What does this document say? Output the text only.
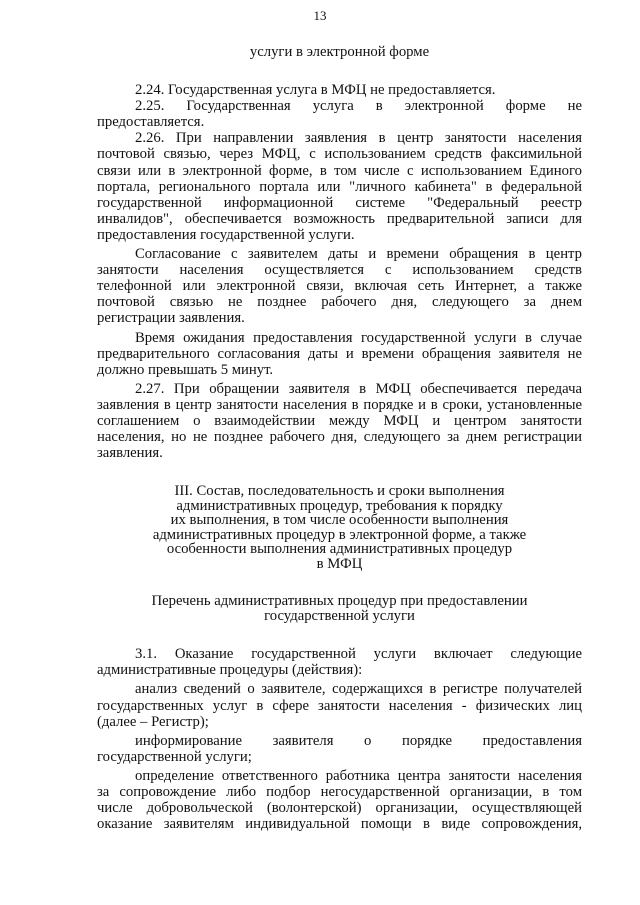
13

услуги в электронной форме

2.24. Государственная услуга в МФЦ не предоставляется.

2.25. Государственная услуга в электронной форме не
предоставляется.

2.26. При направлении заявления в центр занятости населения
почтовой связью, через МФЦ, с использованием средств факсимильной
связи или в электронной форме, в том числе с использованием Единого
портала, регионального портала или "личного кабинета" в федеральной
государственной информационной системе "Федеральный реестр
инвалидов", обеспечивается возможность предварительной записи для
предоставления государственной услуги.

Согласование с заявителем даты и времени обращения в центр
занятости населения осуществляется с использованием средств
телефонной или электронной связи, включая сеть Интернет, а также
почтовой связью не позднее рабочего дня, следующего за днем
регистрации заявления.

Время ожидания предоставления государственной услуги в случае
предварительного согласования даты и времени обращения заявителя не
должно превышать 5 минут.

2.27. При обращении заявителя в МФЦ обеспечивается передача
заявления в центр занятости населения в порядке и в сроки, установленные
соглашением о взаимодействии между МФЦ и центром занятости
населения, но не позднее рабочего дня, следующего за днем регистрации
заявления.

III. Состав, последовательность и сроки выполнения
административных процедур, требования к порядку
их выполнения, в том числе особенности выполнения
административных процедур в электронной форме, а также
особенности выполнения административных процедур
в МФЦ
Перечень административных процедур при предоставлении
государственной услуги

3.1. Оказание государственной услуги включает следующие
административные процедуры (действия):

анализ сведений о заявителе, содержащихся в регистре получателей
государственных услуг в сфере занятости населения - физических лиц
(далее – Регистр);

информирование заявителя о порядке предоставления
государственной услуги;

определение ответственного работника центра занятости населения
за сопровождение либо подбор негосударственной организации, в том
числе добровольческой (волонтерской) организации, осуществляющей
оказание заявителям индивидуальной помощи в виде сопровождения,
